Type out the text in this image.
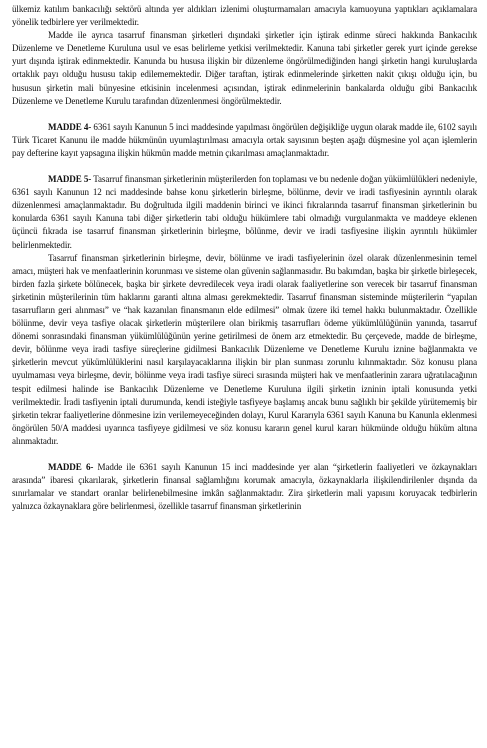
ülkemiz katılım bankacılığı sektörü altında yer aldıkları izlenimi oluşturmamaları amacıyla kamuoyuna yaptıkları açıklamalara yönelik tedbirlere yer verilmektedir.

Madde ile ayrıca tasarruf finansman şirketleri dışındaki şirketler için iştirak edinme süreci hakkında Bankacılık Düzenleme ve Denetleme Kuruluna usul ve esas belirleme yetkisi verilmektedir. Kanuna tabi şirketler gerek yurt içinde gerekse yurt dışında iştirak edinmektedir. Kanunda bu hususa ilişkin bir düzenleme öngörülmediğinden hangi şirketin hangi kuruluşlarda ortaklık payı olduğu hususu takip edilememektedir. Diğer taraftan, iştirak edinmelerinde şirketten nakit çıkışı olduğu için, bu hususun şirketin mali bünyesine etkisinin incelenmesi açısından, iştirak edinmelerinin bankalarda olduğu gibi Bankacılık Düzenleme ve Denetleme Kurulu tarafından düzenlenmesi öngörülmektedir.

MADDE 4- 6361 sayılı Kanunun 5 inci maddesinde yapılması öngörülen değişikliğe uygun olarak madde ile, 6102 sayılı Türk Ticaret Kanunu ile madde hükmünün uyumlaştırılması amacıyla ortak sayısının beşten aşağı düşmesine yol açan işlemlerin pay defterine kayıt yapsagına ilişkin hükmün madde metnin çıkarılması amaçlanmaktadır.

MADDE 5- Tasarruf finansman şirketlerinin müşterilerden fon toplaması ve bu nedenle doğan yükümlülükleri nedeniyle, 6361 sayılı Kanunun 12 nci maddesinde bahse konu şirketlerin birleşme, bölünme, devir ve iradi tasfiyesinin ayrıntılı olarak düzenlenmesi amaçlanmaktadır. Bu doğrultuda ilgili maddenin birinci ve ikinci fıkralarında tasarruf finansman şirketlerinin bu konularda 6361 sayılı Kanuna tabi diğer şirketlerin tabi olduğu hükümlere tabi olmadığı vurgulanmakta ve maddeye eklenen üçüncü fıkrada ise tasarruf finansman şirketlerinin birleşme, bölünme, devir ve iradi tasfiyesine ilişkin ayrıntılı hükümler belirlenmektedir.

Tasarruf finansman şirketlerinin birleşme, devir, bölünme ve iradi tasfiyelerinin özel olarak düzenlenmesinin temel amacı, müşteri hak ve menfaatlerinin korunması ve sisteme olan güvenin sağlanmasıdır. Bu bakımdan, başka bir şirketle birleşecek, birden fazla şirkete bölünecek, başka bir şirkete devredilecek veya iradi olarak faaliyetlerine son verecek bir tasarruf finansman şirketinin müşterilerinin tüm haklarını garanti altına alması gerekmektedir. Tasarruf finansman sisteminde müşterilerin “yapılan tasarrufların geri alınması” ve “hak kazanılan finansmanın elde edilmesi” olmak üzere iki temel hakkı bulunmaktadır. Özellikle bölünme, devir veya tasfiye olacak şirketlerin müşterilere olan birikmiş tasarrufları ödeme yükümlülüğünün yanında, tasarruf dönemi sonrasındaki finansman yükümlülüğünün yerine getirilmesi de önem arz etmektedir. Bu çerçevede, madde de birleşme, devir, bölünme veya iradi tasfiye süreçlerine gidilmesi Bankacılık Düzenleme ve Denetleme Kurulu iznine bağlanmakta ve şirketlerin mevcut yükümlülüklerini nasıl karşılayacaklarına ilişkin bir plan sunması zorunlu kılınmaktadır. Söz konusu plana uyulmaması veya birleşme, devir, bölünme veya iradi tasfiye süreci sırasında müşteri hak ve menfaatlerinin zarara uğratılacağının tespit edilmesi halinde ise Bankacılık Düzenleme ve Denetleme Kuruluna ilgili şirketin izninin iptali konusunda yetki verilmektedir. İradi tasfiyenin iptali durumunda, kendi isteğiyle tasfiyeye başlamış ancak bunu sağlıklı bir şekilde yürütememiş bir şirketin tekrar faaliyetlerine dönmesine izin verilemeyeceğinden dolayı, Kurul Kararıyla 6361 sayılı Kanuna bu Kanunla eklenmesi öngörülen 50/A maddesi uyarınca tasfiyeye gidilmesi ve söz konusu kararın genel kurul kararı hükmünde olduğu hüküm altına alınmaktadır.

MADDE 6- Madde ile 6361 sayılı Kanunun 15 inci maddesinde yer alan “şirketlerin faaliyetleri ve özkaynakları arasında” ibaresi çıkarılarak, şirketlerin finansal sağlamlığını korumak amacıyla, özkaynaklarla ilişkilendirilenler dışında da sınırlamalar ve standart oranlar belirlenebilmesine imkân sağlanmaktadır. Zira şirketlerin mali yapısını koruyacak tedbirlerin yalnızca özkaynaklara göre belirlenmesi, özellikle tasarruf finansman şirketlerinin
